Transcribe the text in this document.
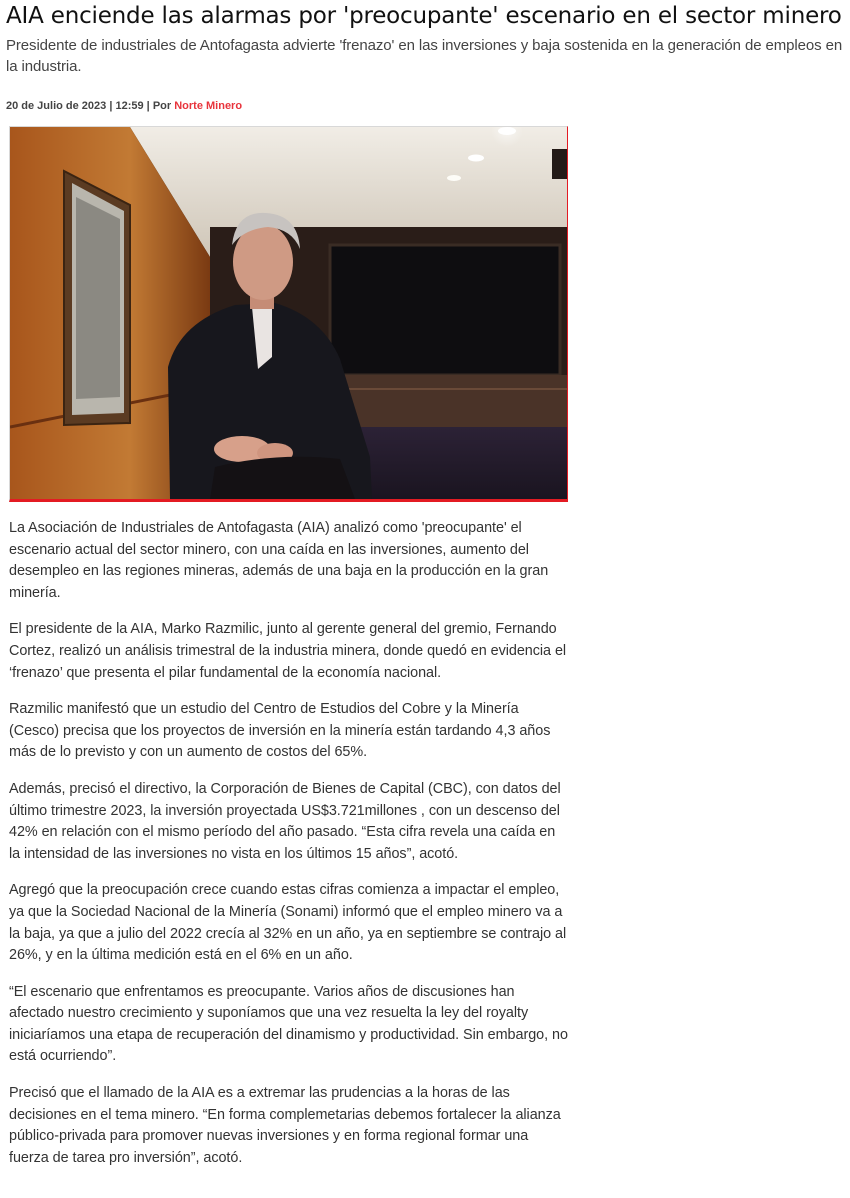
AIA enciende las alarmas por 'preocupante' escenario en el sector minero

Presidente de industriales de Antofagasta advierte 'frenazo' en las inversiones y baja sostenida en la generación de empleos en la industria.

20 de Julio de 2023 | 12:59 | Por Norte Minero

La Asociación de Industriales de Antofagasta (AIA) analizó como 'preocupante' el escenario actual del sector minero, con una caída en las inversiones, aumento del desempleo en las regiones mineras, además de una baja en la producción en la gran minería.

El presidente de la AIA, Marko Razmilic, junto al gerente general del gremio, Fernando Cortez, realizó un análisis trimestral de la industria minera, donde quedó en evidencia el ‘frenazo’ que presenta el pilar fundamental de la economía nacional.

Razmilic manifestó que un estudio del Centro de Estudios del Cobre y la Minería (Cesco) precisa que los proyectos de inversión en la minería están tardando 4,3 años más de lo previsto y con un aumento de costos del 65%.

Además, precisó el directivo, la Corporación de Bienes de Capital (CBC), con datos del último trimestre 2023, la inversión proyectada US$3.721millones , con un descenso del 42% en relación con el mismo período del año pasado. “Esta cifra revela una caída en la intensidad de las inversiones no vista en los últimos 15 años”, acotó.

Agregó que la preocupación crece cuando estas cifras comienza a impactar el empleo, ya que la Sociedad Nacional de la Minería (Sonami) informó que el empleo minero va a la baja, ya que a julio del 2022 crecía al 32% en un año, ya en septiembre se contrajo al 26%, y en la última medición está en el 6% en un año.

“El escenario que enfrentamos es preocupante. Varios años de discusiones han afectado nuestro crecimiento y suponíamos que una vez resuelta la ley del royalty iniciaríamos una etapa de recuperación del dinamismo y productividad. Sin embargo, no está ocurriendo”.

Precisó que el llamado de la AIA es a extremar las prudencias a la horas de las decisiones en el tema minero. “En forma complemetarias debemos fortalecer la alianza público-privada para promover nuevas inversiones y en forma regional formar una fuerza de tarea pro inversión”, acotó.
